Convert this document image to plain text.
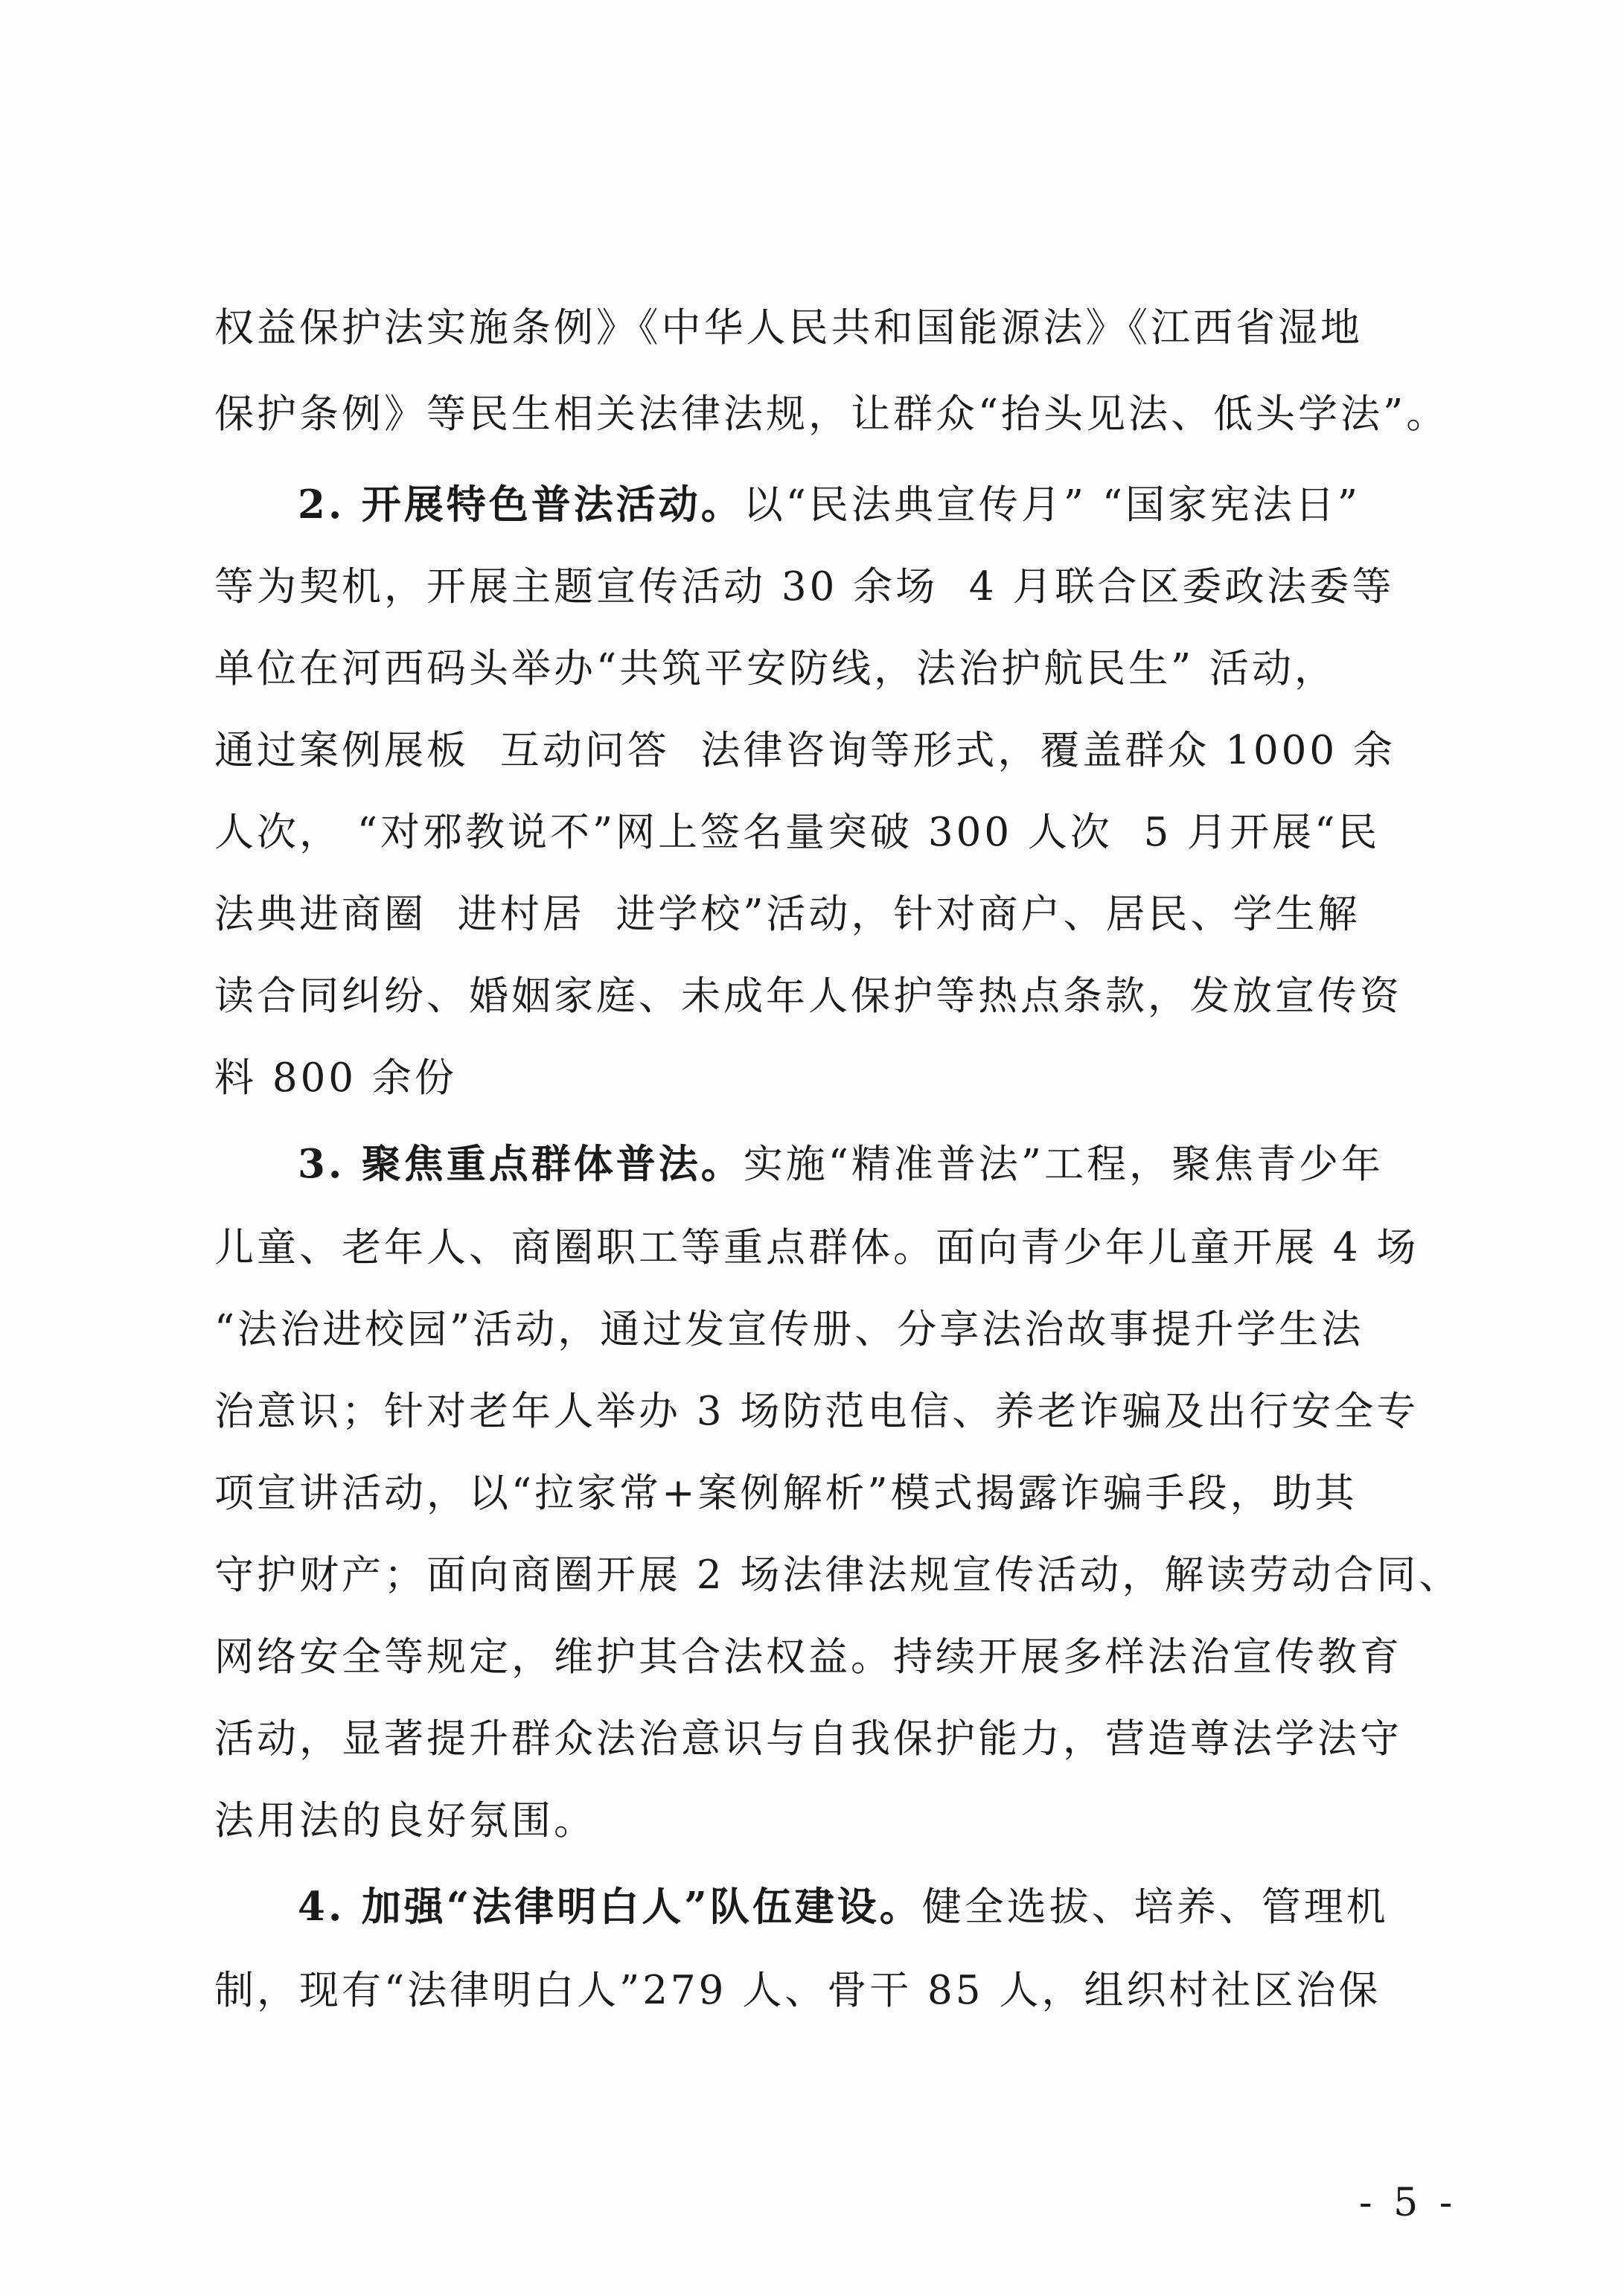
权益保护法实施条例》《中华人民共和国能源法》《江西省湿地
保护条例》等民生相关法律法规，让群众“抬头见法、低头学法”。
2. 开展特色普法活动。以“民法典宣传月” “国家宪法日”
等为契机，开展主题宣传活动 30 余场  4 月联合区委政法委等
单位在河西码头举办“共筑平安防线，法治护航民生” 活动，
通过案例展板  互动问答  法律咨询等形式，覆盖群众 1000 余
人次， “对邪教说不”网上签名量突破 300 人次  5 月开展“民
法典进商圈  进村居  进学校”活动，针对商户、居民、学生解
读合同纠纷、婚姻家庭、未成年人保护等热点条款，发放宣传资
料 800 余份
3. 聚焦重点群体普法。实施“精准普法”工程，聚焦青少年
儿童、老年人、商圈职工等重点群体。面向青少年儿童开展 4 场
“法治进校园”活动，通过发宣传册、分享法治故事提升学生法
治意识；针对老年人举办 3 场防范电信、养老诈骗及出行安全专
项宣讲活动，以“拉家常+案例解析”模式揭露诈骗手段，助其
守护财产；面向商圈开展 2 场法律法规宣传活动，解读劳动合同、
网络安全等规定，维护其合法权益。持续开展多样法治宣传教育
活动，显著提升群众法治意识与自我保护能力，营造尊法学法守
法用法的良好氛围。
4. 加强“法律明白人”队伍建设。健全选拔、培养、管理机
制，现有“法律明白人”279 人、骨干 85 人，组织村社区治保
- 5 -
